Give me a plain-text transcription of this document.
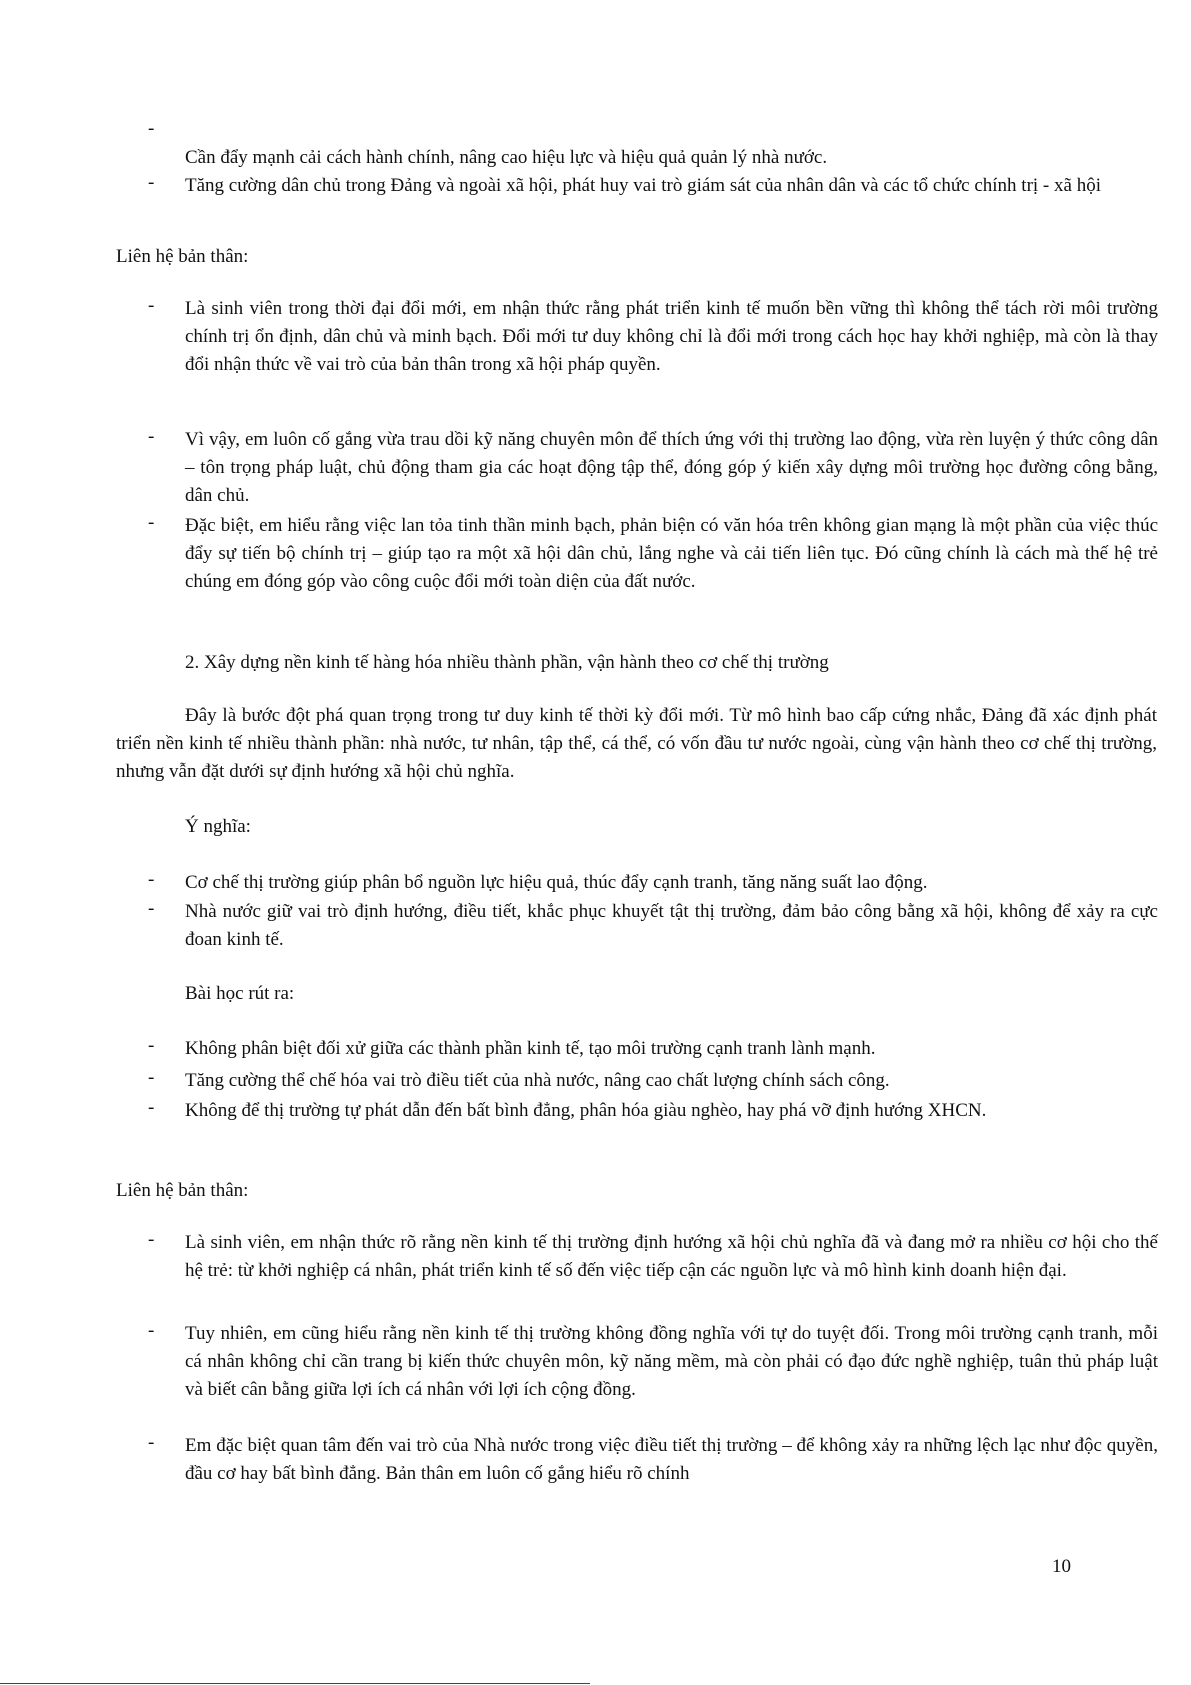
-
Cần đẩy mạnh cải cách hành chính, nâng cao hiệu lực và hiệu quả quản lý nhà nước.
- Tăng cường dân chủ trong Đảng và ngoài xã hội, phát huy vai trò giám sát của nhân dân và các tổ chức chính trị - xã hội
Liên hệ bản thân:
- Là sinh viên trong thời đại đổi mới, em nhận thức rằng phát triển kinh tế muốn bền vững thì không thể tách rời môi trường chính trị ổn định, dân chủ và minh bạch. Đổi mới tư duy không chỉ là đổi mới trong cách học hay khởi nghiệp, mà còn là thay đổi nhận thức về vai trò của bản thân trong xã hội pháp quyền.
- Vì vậy, em luôn cố gắng vừa trau dồi kỹ năng chuyên môn để thích ứng với thị trường lao động, vừa rèn luyện ý thức công dân – tôn trọng pháp luật, chủ động tham gia các hoạt động tập thể, đóng góp ý kiến xây dựng môi trường học đường công bằng, dân chủ.
- Đặc biệt, em hiểu rằng việc lan tỏa tinh thần minh bạch, phản biện có văn hóa trên không gian mạng là một phần của việc thúc đẩy sự tiến bộ chính trị – giúp tạo ra một xã hội dân chủ, lắng nghe và cải tiến liên tục. Đó cũng chính là cách mà thế hệ trẻ chúng em đóng góp vào công cuộc đổi mới toàn diện của đất nước.
2. Xây dựng nền kinh tế hàng hóa nhiều thành phần, vận hành theo cơ chế thị trường
Đây là bước đột phá quan trọng trong tư duy kinh tế thời kỳ đổi mới. Từ mô hình bao cấp cứng nhắc, Đảng đã xác định phát triển nền kinh tế nhiều thành phần: nhà nước, tư nhân, tập thể, cá thể, có vốn đầu tư nước ngoài, cùng vận hành theo cơ chế thị trường, nhưng vẫn đặt dưới sự định hướng xã hội chủ nghĩa.
Ý nghĩa:
- Cơ chế thị trường giúp phân bổ nguồn lực hiệu quả, thúc đẩy cạnh tranh, tăng năng suất lao động.
- Nhà nước giữ vai trò định hướng, điều tiết, khắc phục khuyết tật thị trường, đảm bảo công bằng xã hội, không để xảy ra cực đoan kinh tế.
Bài học rút ra:
- Không phân biệt đối xử giữa các thành phần kinh tế, tạo môi trường cạnh tranh lành mạnh.
- Tăng cường thể chế hóa vai trò điều tiết của nhà nước, nâng cao chất lượng chính sách công.
- Không để thị trường tự phát dẫn đến bất bình đẳng, phân hóa giàu nghèo, hay phá vỡ định hướng XHCN.
Liên hệ bản thân:
- Là sinh viên, em nhận thức rõ rằng nền kinh tế thị trường định hướng xã hội chủ nghĩa đã và đang mở ra nhiều cơ hội cho thế hệ trẻ: từ khởi nghiệp cá nhân, phát triển kinh tế số đến việc tiếp cận các nguồn lực và mô hình kinh doanh hiện đại.
- Tuy nhiên, em cũng hiểu rằng nền kinh tế thị trường không đồng nghĩa với tự do tuyệt đối. Trong môi trường cạnh tranh, mỗi cá nhân không chỉ cần trang bị kiến thức chuyên môn, kỹ năng mềm, mà còn phải có đạo đức nghề nghiệp, tuân thủ pháp luật và biết cân bằng giữa lợi ích cá nhân với lợi ích cộng đồng.
- Em đặc biệt quan tâm đến vai trò của Nhà nước trong việc điều tiết thị trường – để không xảy ra những lệch lạc như độc quyền, đầu cơ hay bất bình đẳng. Bản thân em luôn cố gắng hiểu rõ chính
10
